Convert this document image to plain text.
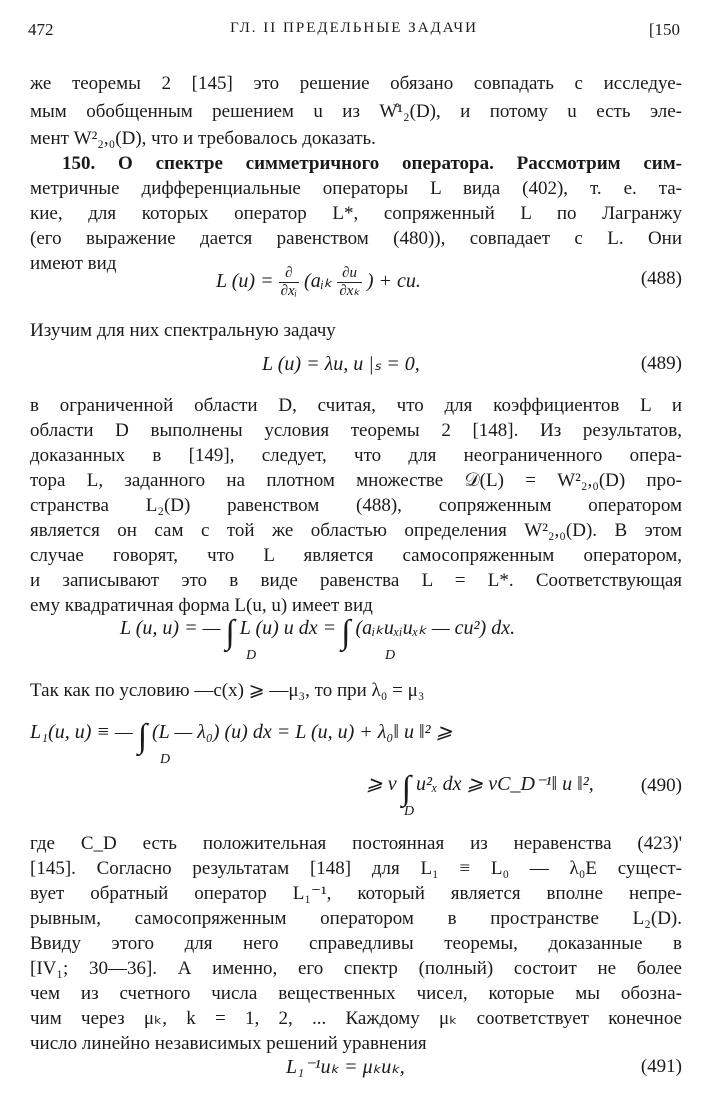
472	ГЛ. II ПРЕДЕЛЬНЫЕ ЗАДАЧИ	[150
же теоремы 2 [145] это решение обязано совпадать с исследуе-
мым обобщенным решением u из W̊¹₂(D), и потому u есть эле-
мент W²₂,₀(D), что и требовалось доказать.
150. О спектре симметричного оператора. Рассмотрим сим-
метричные дифференциальные операторы L вида (402), т. е. та-
кие, для которых оператор L*, сопряженный L по Лагранжу
(его выражение дается равенством (480)), совпадает с L. Они
имеют вид
L $(u) = \frac{\partial}{\text{∂xᵢ}}$ (aᵢₖ $\frac{\partial u}{\text{∂xₖ}}$ ) + cu.	(488)
Изучим для них спектральную задачу
L (u) = λu, u |ₛ = 0,	(489)
в ограниченной области D, считая, что для коэффициентов L и
области D выполнены условия теоремы 2 [148]. Из результатов,
доказанных в [149], следует, что для неограниченного опера-
тора L, заданного на плотном множестве 𝒟(L) = W²₂,₀(D) про-
странства L₂(D) равенством (488), сопряженным оператором
является он сам с той же областью определения W²₂,₀(D). В этом
случае говорят, что L является самосопряженным оператором,
и записывают это в виде равенства L = L*. Соответствующая
ему квадратичная форма L(u, u) имеет вид
L (u, u) = — ∫ L (u) u dx = ∫ (aᵢₖuₓᵢuₓₖ — cu²) dx.
D	D
Так как по условию —c(x) ⩾ —μ₃, то при λ₀ = μ₃
L₁(u, u) ≡ — ∫ (L — λ₀) (u) dx = L (u, u) + λ₀‖ u ‖² ⩾
D
⩾ ν ∫ u²ₓ dx ⩾ νC_D⁻¹‖ u ‖²,
D
(490)
где C_D есть положительная постоянная из неравенства (423)'
[145]. Согласно результатам [148] для L₁ ≡ L₀ — λ₀E сущест-
вует обратный оператор L₁⁻¹, который является вполне непре-
рывным, самосопряженным оператором в пространстве L₂(D).
Ввиду этого для него справедливы теоремы, доказанные в
[IV₁; 30—36]. А именно, его спектр (полный) состоит не более
чем из счетного числа вещественных чисел, которые мы обозна-
чим через μₖ, k = 1, 2, ... Каждому μₖ соответствует конечное
число линейно независимых решений уравнения
L₁⁻¹uₖ = μₖuₖ,	(491)
